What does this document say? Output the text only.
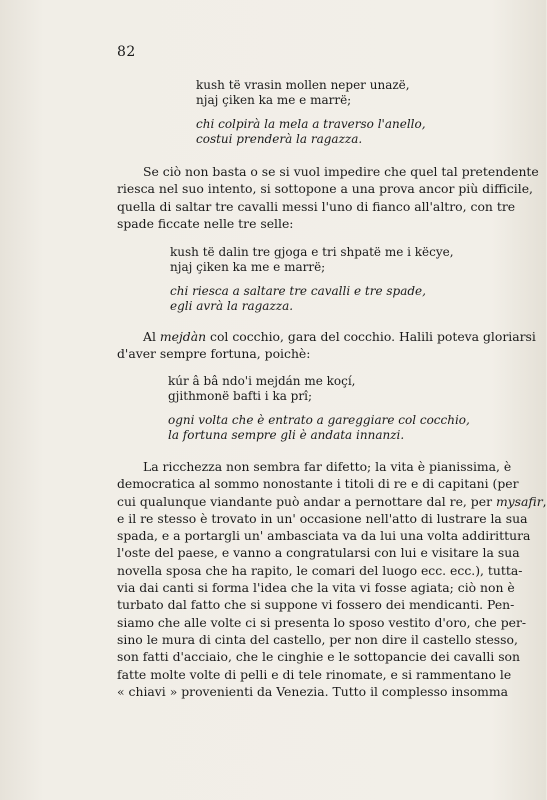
82
kush të vrasin mollen neper unazë,
njaj çiken ka me e marrë;
chi colpirà la mela a traverso l'anello,
costui prenderà la ragazza.
Se ciò non basta o se si vuol impedire che quel tal pretendente
riesca nel suo intento, si sottopone a una prova ancor più difficile,
quella di saltar tre cavalli messi l'uno di fianco all'altro, con tre
spade ficcate nelle tre selle:
kush të dalin tre gjoga e tri shpatë me i këcye,
njaj çiken ka me e marrë;
chi riesca a saltare tre cavalli e tre spade,
egli avrà la ragazza.
Al mejdàn col cocchio, gara del cocchio. Halili poteva gloriarsi
d'aver sempre fortuna, poichè:
kúr â bâ ndo'i mejdán me koçí,
gjithmonë bafti i ka prî;
ogni volta che è entrato a gareggiare col cocchio,
la fortuna sempre gli è andata innanzi.
La ricchezza non sembra far difetto; la vita è pianissima, è
democratica al sommo nonostante i titoli di re e di capitani (per
cui qualunque viandante può andar a pernottare dal re, per mysafir,
e il re stesso è trovato in un' occasione nell'atto di lustrare la sua
spada, e a portargli un' ambasciata va da lui una volta addirittura
l'oste del paese, e vanno a congratularsi con lui e visitare la sua
novella sposa che ha rapito, le comari del luogo ecc. ecc.), tutta-
via dai canti si forma l'idea che la vita vi fosse agiata; ciò non è
turbato dal fatto che si suppone vi fossero dei mendicanti. Pen-
siamo che alle volte ci si presenta lo sposo vestito d'oro, che per-
sino le mura di cinta del castello, per non dire il castello stesso,
son fatti d'acciaio, che le cinghie e le sottopancie dei cavalli son
fatte molte volte di pelli e di tele rinomate, e si rammentano le
« chiavi » provenienti da Venezia. Tutto il complesso insomma
